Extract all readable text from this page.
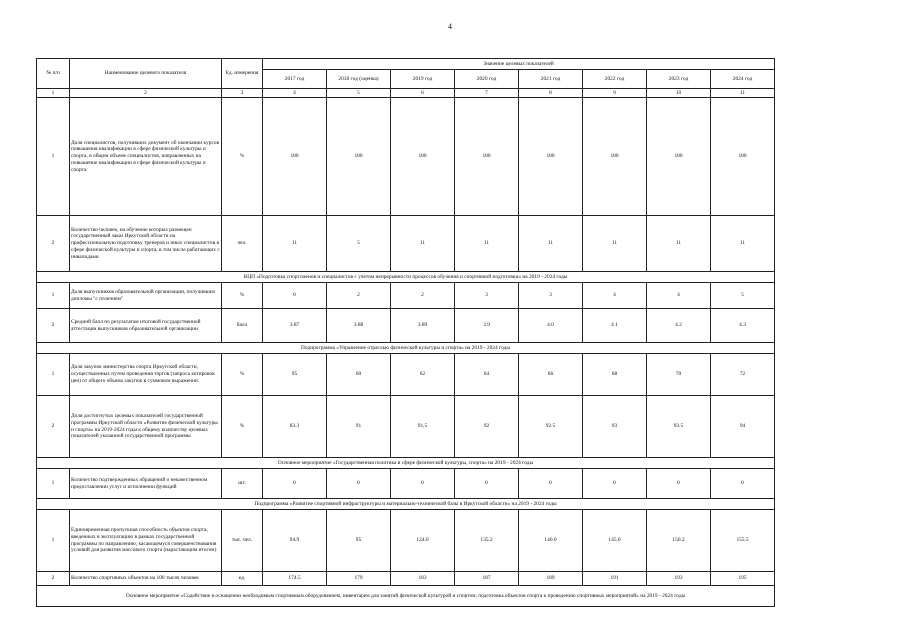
4
№ п/п	Наименование целевого показателя	Ед. измерения	Значение целевых показателей							
			2017 год	2018 год (оценка)	2019 год	2020 год	2021 год	2022 год	2023 год	2024 год
1	2	3	4	5	6	7	8	9	10	11
1	Доля специалистов, получивших документ об окончании курсов повышения квалификации в сфере физической культуры и спорта, в общем объеме специалистов, направленных на повышение квалификации в сфере физической культуры и спорта	%	100	100	100	100	100	100	100	100
2	Количество человек, на обучение которых размещен государственный заказ Иркутской области на профессиональную подготовку тренеров и иных специалистов в сфере физической культуры и спорта, в том числе работающих с инвалидами	чел.	11	5	11	11	11	11	11	11
ВЦП «Подготовка спортсменов и специалистов с учетом непрерывности процессов обучения и спортивной подготовки» на 2019 - 2024 годы										
1	Доля выпускников образовательной организации, получивших дипломы "с отличием"	%	0	2	2	3	3	4	4	5
2	Средний балл по результатам итоговой государственной аттестации выпускников образовательной организации	балл	3.87	3.88	3.89	3.9	4.0	4.1	4.2	4.3
Подпрограмма «Управление отраслью физической культуры и спорта» на 2019 - 2024 годы										
1	Доля закупок министерства спорта Иркутской области, осуществленных путем проведения торгов (запроса котировок цен) от общего объема закупок в суммовом выражении.	%	95	60	62	64	66	68	70	72
2	Доля достигнутых целевых показателей государственной программы Иркутской области «Развитие физической культуры и спорта» на 2019-2024 годы к общему количеству целевых показателей указанной государственной программы	%	83.3	91	91,5	92	92.5	93	93.5	94
Основное мероприятие «Государственная политика в сфере физической культуры, спорта» на 2019 - 2024 годы										
1	Количество подтвержденных обращений о некачественном предоставлении услуг и исполнении функций	шт.	0	0	0	0	0	0	0	0
Подпрограмма «Развитие спортивной инфраструктуры и материально-технической базы в Иркутской области» на 2019 - 2024 годы										
1	Единовременная пропускная способность объектов спорта, введенных в эксплуатацию в рамках государственной программы по направлению, касающемуся совершенствования условий для развития массового спорта (нарастающим итогом)	тыс. чел.	94.9	95	124.6	135.2	140.0	145.0	150.2	155.5
2	Количество спортивных объектов на 100 тысяч человек	ед.	174.5	179	183	187	189	191	193	195
Основное мероприятие «Содействие в оснащении необходимым спортивным оборудованием, инвентарем для занятий физической культурой и спортом, подготовка объектов спорта к проведению спортивных мероприятий» на 2019 - 2024 годы										
